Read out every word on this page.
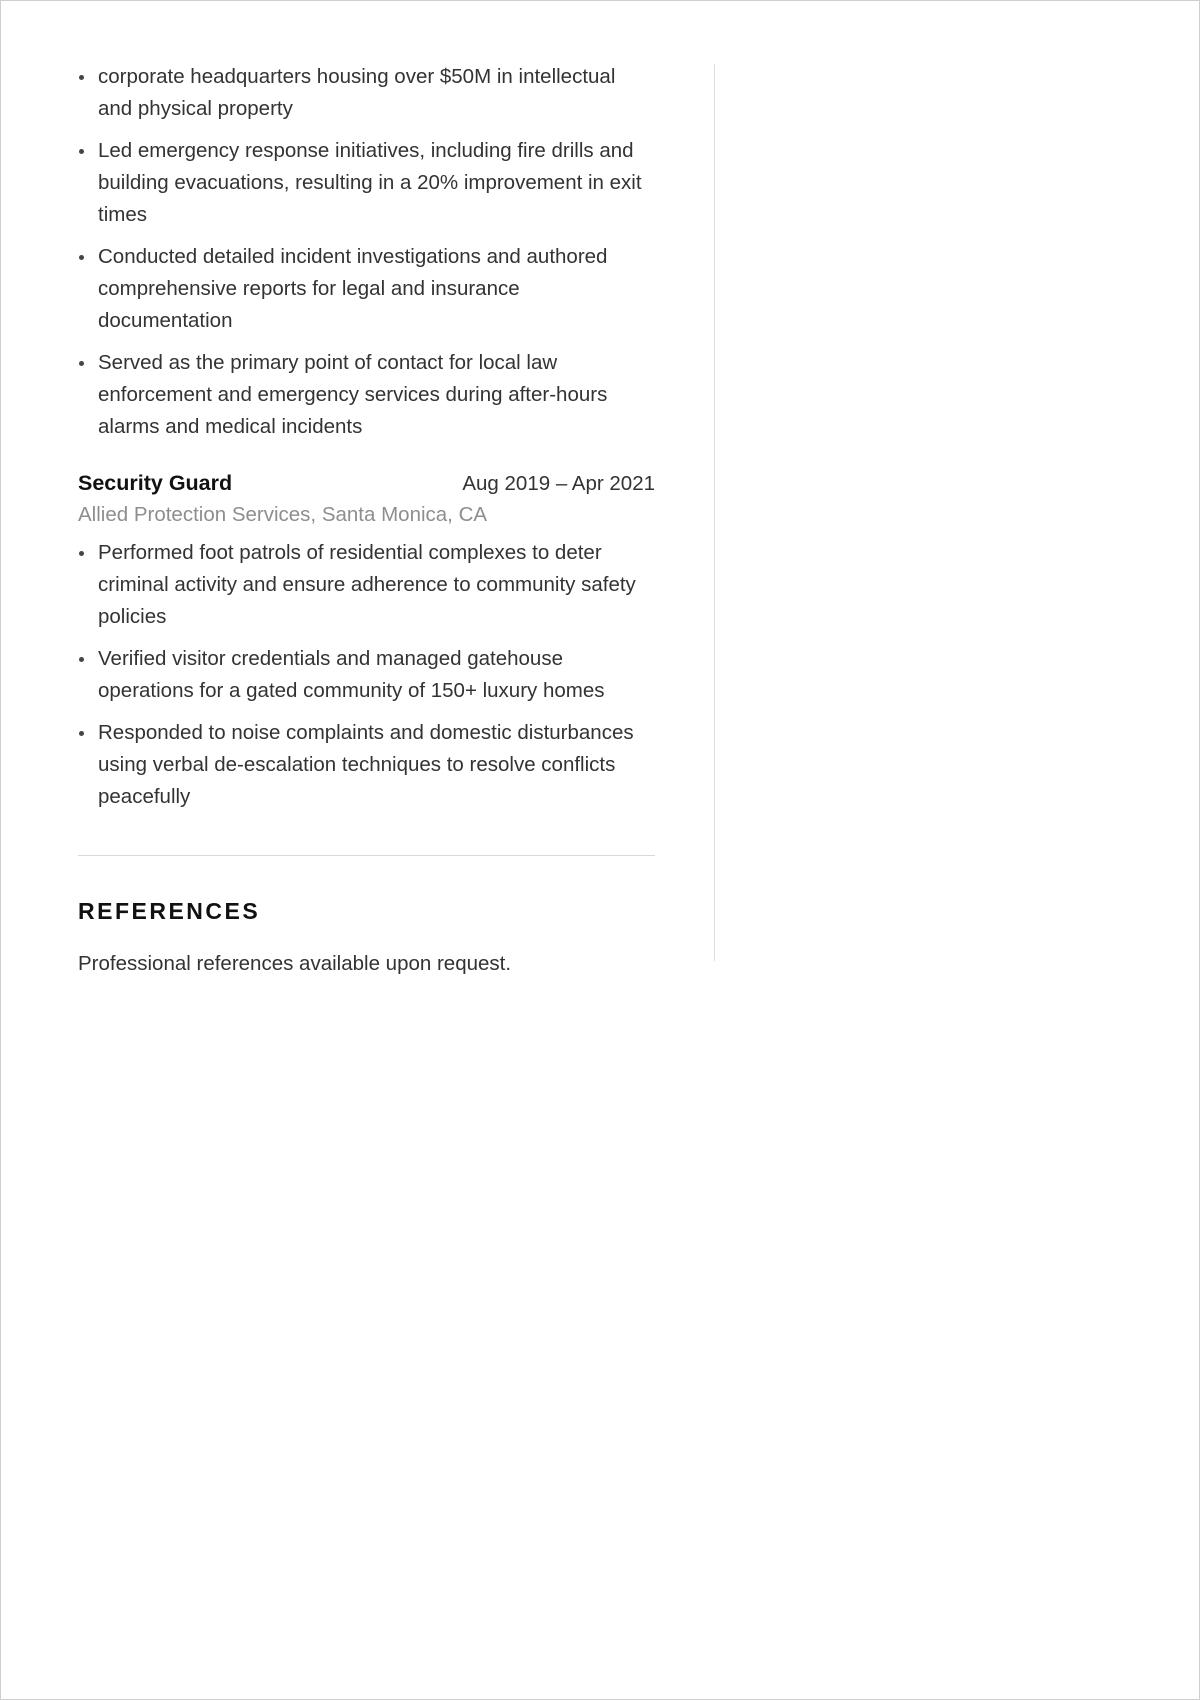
corporate headquarters housing over $50M in intellectual and physical property
Led emergency response initiatives, including fire drills and building evacuations, resulting in a 20% improvement in exit times
Conducted detailed incident investigations and authored comprehensive reports for legal and insurance documentation
Served as the primary point of contact for local law enforcement and emergency services during after-hours alarms and medical incidents
Security Guard	Aug 2019 – Apr 2021
Allied Protection Services, Santa Monica, CA
Performed foot patrols of residential complexes to deter criminal activity and ensure adherence to community safety policies
Verified visitor credentials and managed gatehouse operations for a gated community of 150+ luxury homes
Responded to noise complaints and domestic disturbances using verbal de-escalation techniques to resolve conflicts peacefully
REFERENCES
Professional references available upon request.
